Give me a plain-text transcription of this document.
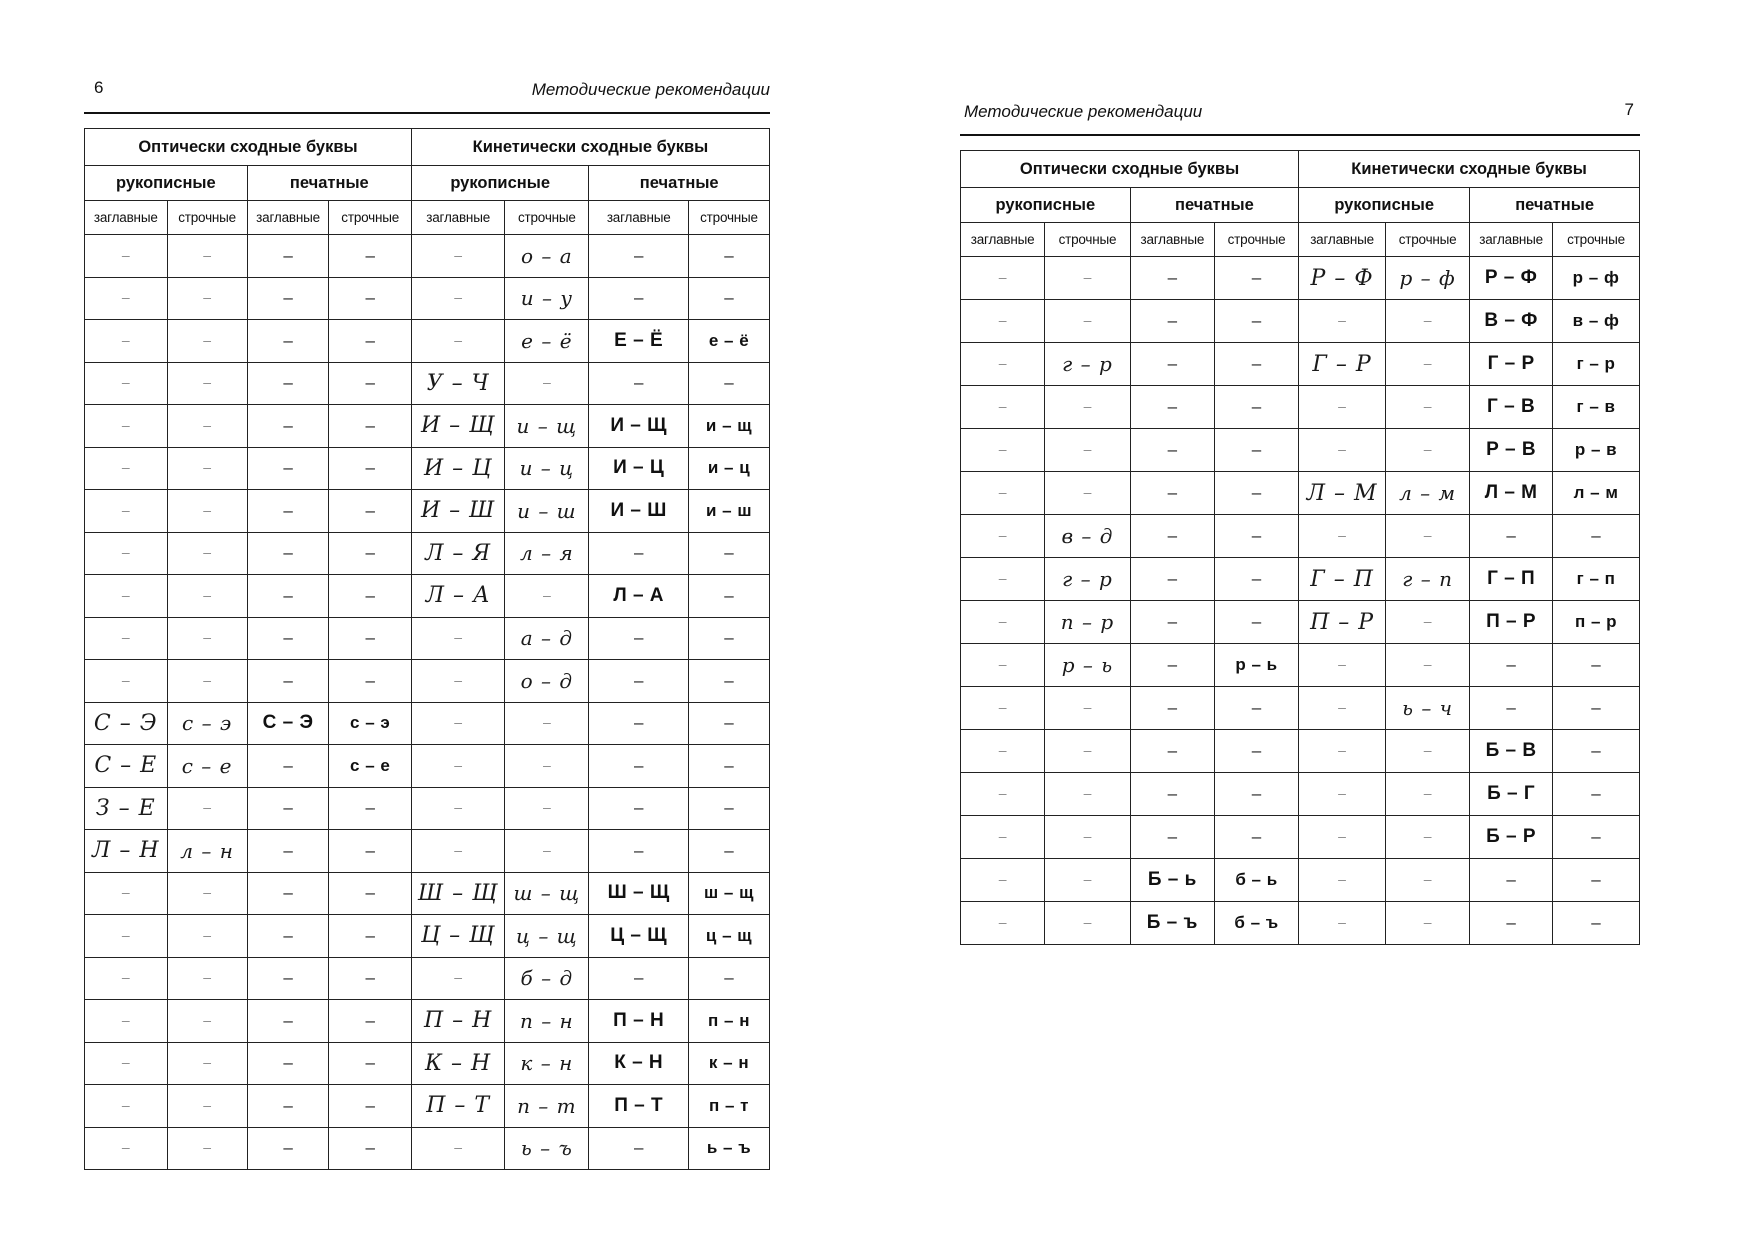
6	Методические рекомендации
Оптически сходные буквы				Кинетически сходные буквы			
рукописные		печатные		рукописные		печатные	
заглавные	строчные	заглавные	строчные	заглавные	строчные	заглавные	строчные
–	–	–	–	–	о – а	–	–
–	–	–	–	–	и – у	–	–
–	–	–	–	–	е – ё	Е – Ё	е – ё
–	–	–	–	У – Ч	–	–	–
–	–	–	–	И – Щ	и – щ	И – Щ	и – щ
–	–	–	–	И – Ц	и – ц	И – Ц	и – ц
–	–	–	–	И – Ш	и – ш	И – Ш	и – ш
–	–	–	–	Л – Я	л – я	–	–
–	–	–	–	Л – А	–	Л – А	–
–	–	–	–	–	а – д	–	–
–	–	–	–	–	о – д	–	–
С – Э	с – э	С – Э	с – э	–	–	–	–
С – Е	с – е	–	с – е	–	–	–	–
З – Е	–	–	–	–	–	–	–
Л – Н	л – н	–	–	–	–	–	–
–	–	–	–	Ш – Щ	ш – щ	Ш – Щ	ш – щ
–	–	–	–	Ц – Щ	ц – щ	Ц – Щ	ц – щ
–	–	–	–	–	б – д	–	–
–	–	–	–	П – Н	п – н	П – Н	п – н
–	–	–	–	К – Н	к – н	К – Н	к – н
–	–	–	–	П – Т	п – т	П – Т	п – т
–	–	–	–	–	ь – ъ	–	ь – ъ
Методические рекомендации	7
Оптически сходные буквы				Кинетически сходные буквы			
рукописные		печатные		рукописные		печатные	
заглавные	строчные	заглавные	строчные	заглавные	строчные	заглавные	строчные
–	–	–	–	Р – Ф	р – ф	Р – Ф	р – ф
–	–	–	–	–	–	В – Ф	в – ф
–	г – р	–	–	Г – Р	–	Г – Р	г – р
–	–	–	–	–	–	Г – В	г – в
–	–	–	–	–	–	Р – В	р – в
–	–	–	–	Л – М	л – м	Л – М	л – м
–	в – д	–	–	–	–	–	–
–	г – р	–	–	Г – П	г – п	Г – П	г – п
–	п – р	–	–	П – Р	–	П – Р	п – р
–	р – ь	–	р – ь	–	–	–	–
–	–	–	–	–	ь – ч	–	–
–	–	–	–	–	–	Б – В	–
–	–	–	–	–	–	Б – Г	–
–	–	–	–	–	–	Б – Р	–
–	–	Б – ь	б – ь	–	–	–	–
–	–	Б – ъ	б – ъ	–	–	–	–
